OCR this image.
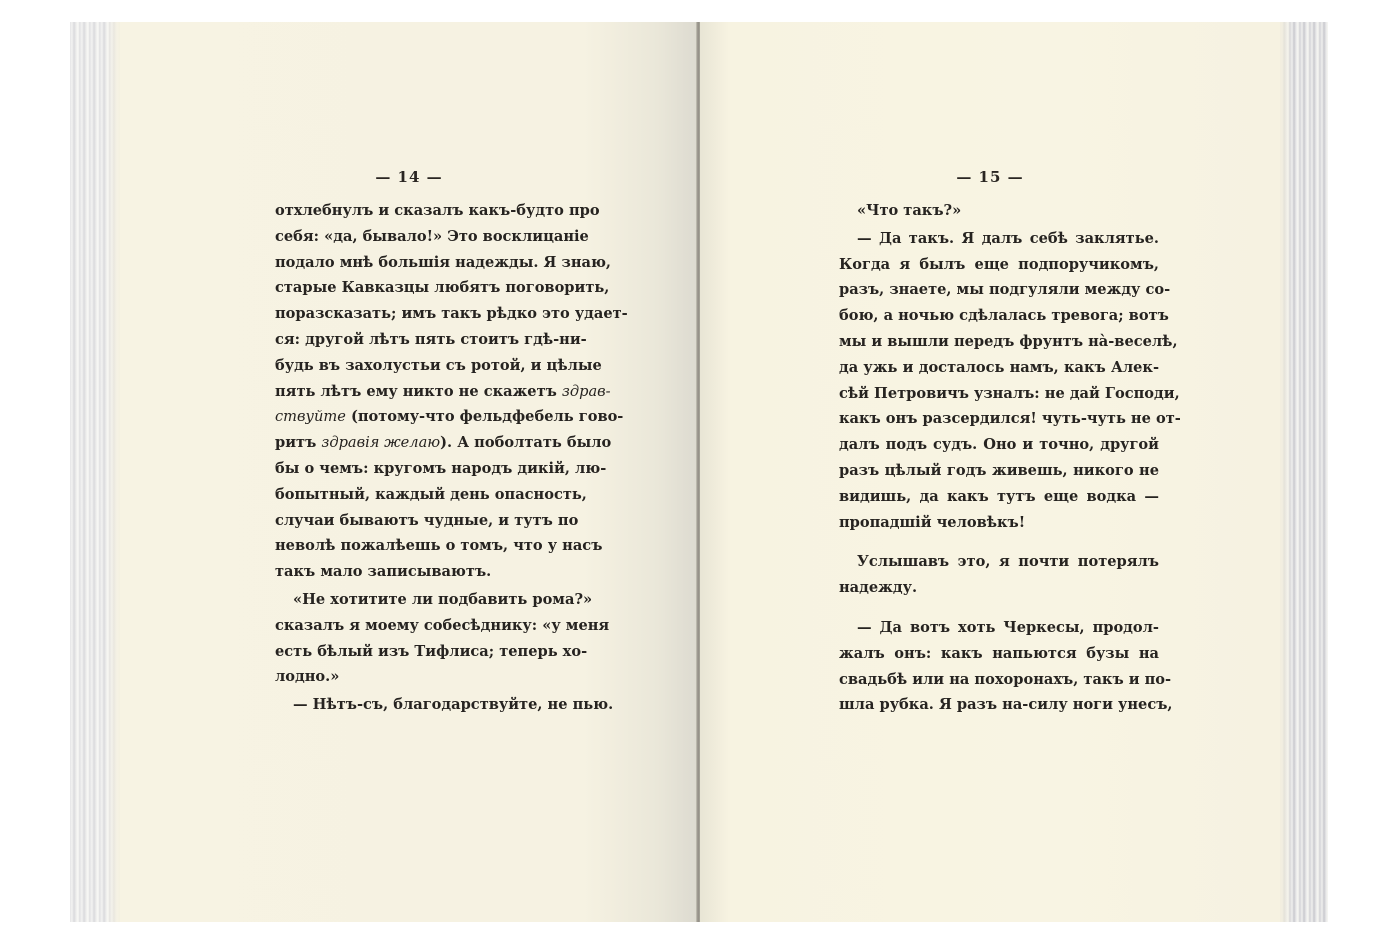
— 14 —
отхлебнулъ и сказалъ какъ-будто про
себя: «да, бывало!» Это восклицаніе
подало мнѣ большія надежды. Я знаю,
старые Кавказцы любятъ поговорить,
поразсказать; имъ такъ рѣдко это удает-
ся: другой лѣтъ пять стоитъ гдѣ-ни-
будь въ захолустьи съ ротой, и цѣлые
пять лѣтъ ему никто не скажетъ здрав-
ствуйте (потому-что фельдфебель гово-
ритъ здравія желаю). А поболтать было
бы о чемъ: кругомъ народъ дикій, лю-
бопытный, каждый день опасность,
случаи бываютъ чудные, и тутъ по
неволѣ пожалѣешь о томъ, что у насъ
такъ мало записываютъ.
«Не хотитите ли подбавить рома?»
сказалъ я моему собесѣднику: «у меня
есть бѣлый изъ Тифлиса; теперь хо-
лодно.»
— Нѣтъ-съ, благодарствуйте, не пью.
— 15 —
«Что такъ?»
— Да такъ. Я далъ себѣ заклятье.
Когда я былъ еще подпоручикомъ,
разъ, знаете, мы подгуляли между со-
бою, а ночью сдѣлалась тревога; вотъ
мы и вышли передъ фрунтъ нà-веселѣ,
да ужь и досталось намъ, какъ Алек-
сѣй Петровичъ узналъ: не дай Господи,
какъ онъ разсердился! чуть-чуть не от-
далъ подъ судъ. Оно и точно, другой
разъ цѣлый годъ живешь, никого не
видишь, да какъ тутъ еще водка —
пропадшій человѣкъ!
Услышавъ это, я почти потерялъ
надежду.
— Да вотъ хоть Черкесы, продол-
жалъ онъ: какъ напьются бузы на
свадьбѣ или на похоронахъ, такъ и по-
шла рубка. Я разъ на-силу ноги унесъ,
